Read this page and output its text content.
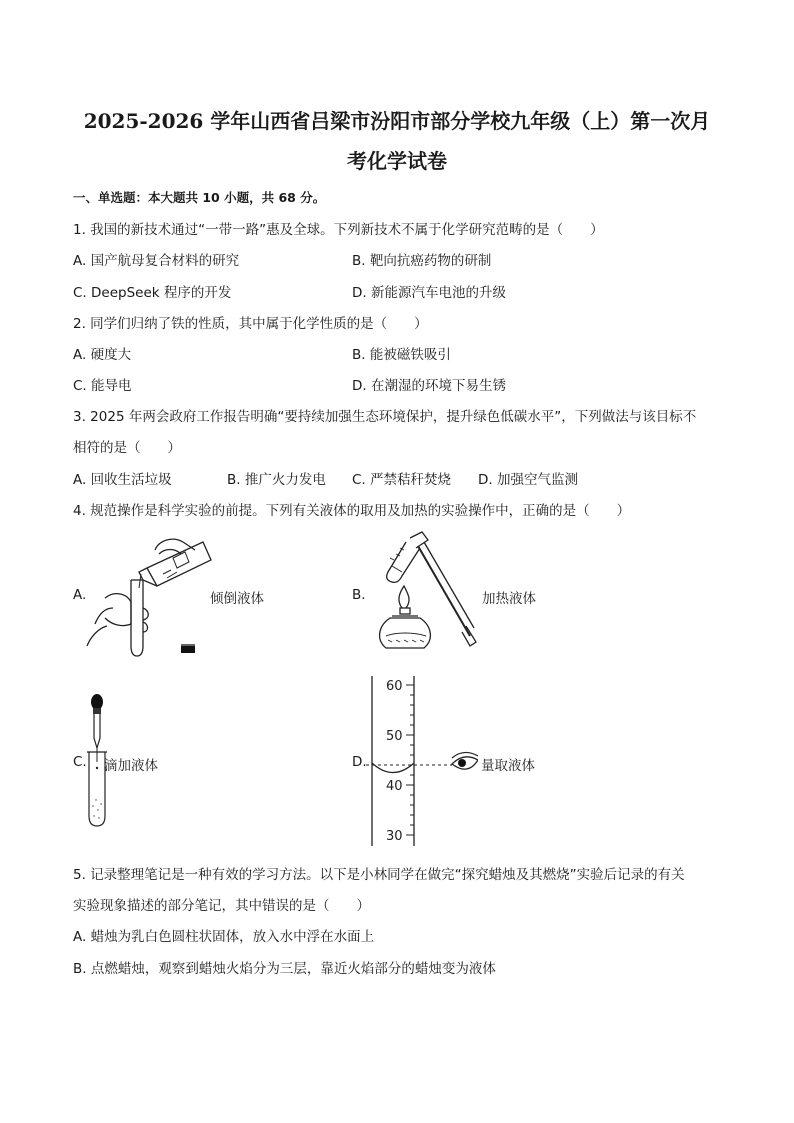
2025-2026 学年山西省吕梁市汾阳市部分学校九年级（上）第一次月
考化学试卷
一、单选题：本大题共 10 小题，共 68 分。
1. 我国的新技术通过“一带一路”惠及全球。下列新技术不属于化学研究范畴的是（　　）
A. 国产航母复合材料的研究	B. 靶向抗癌药物的研制
C. DeepSeek 程序的开发	D. 新能源汽车电池的升级
2. 同学们归纳了铁的性质，其中属于化学性质的是（　　）
A. 硬度大	B. 能被磁铁吸引
C. 能导电	D. 在潮湿的环境下易生锈
3. 2025 年两会政府工作报告明确“要持续加强生态环境保护，提升绿色低碳水平”，下列做法与该目标不
相符的是（　　）
A. 回收生活垃圾	B. 推广火力发电 C. 严禁秸秆焚烧 D. 加强空气监测
4. 规范操作是科学实验的前提。下列有关液体的取用及加热的实验操作中，正确的是（　　）
A.	倾倒液体	B.	加热液体
C. 滴加液体	D.
60
50
40
30
量取液体
5. 记录整理笔记是一种有效的学习方法。以下是小林同学在做完“探究蜡烛及其燃烧”实验后记录的有关
实验现象描述的部分笔记，其中错误的是（　　）
A. 蜡烛为乳白色圆柱状固体，放入水中浮在水面上
B. 点燃蜡烛，观察到蜡烛火焰分为三层，靠近火焰部分的蜡烛变为液体
